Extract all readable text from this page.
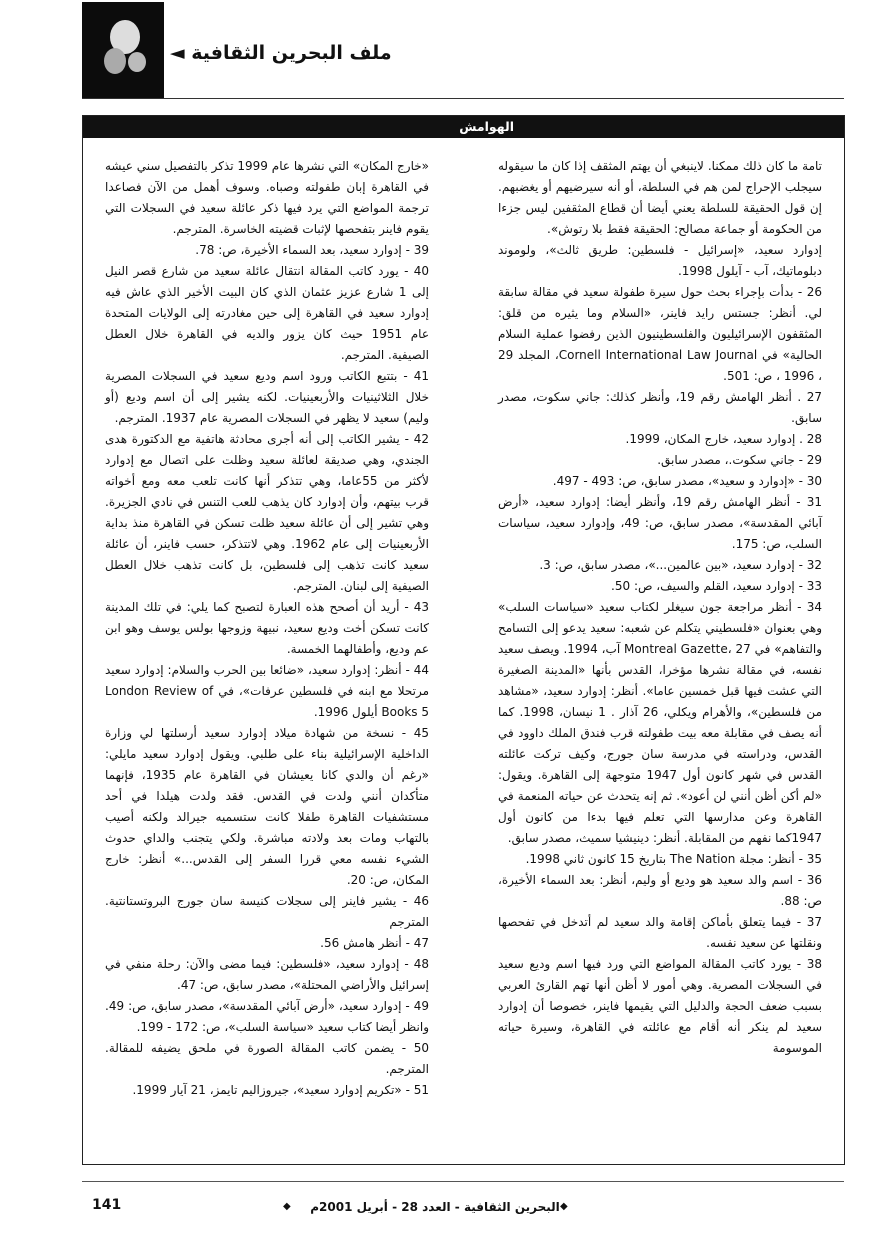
ملف البحرين الثقافية ◄
الهوامش

تامة ما كان ذلك ممكنا. لاينبغي أن يهتم المثقف إذا كان ما سيقوله سيجلب الإحراج لمن هم في السلطة، أو أنه سيرضيهم أو يغضبهم. إن قول الحقيقة للسلطة يعني أيضا أن قطاع المثقفين ليس جزءا من الحكومة أو جماعة مصالح: الحقيقة فقط بلا رتوش».

إدوارد سعيد، «إسرائيل - فلسطين: طريق ثالث»، ولوموند دبلوماتيك، آب - آيلول 1998.

26 - بدأت بإجراء بحث حول سيرة طفولة سعيد في مقالة سابقة لي. أنظر: جستس رايد فاينر، «السلام وما يثيره من قلق: المثقفون الإسرائيليون والفلسطينيون الذين رفضوا عملية السلام الحالية» في Cornell International Law Journal، المجلد 29 ، 1996 ، ص: 501.

27 . أنظر الهامش رقم 19، وأنظر كذلك: جاني سكوت، مصدر سابق.

28 . إدوارد سعيد، خارج المكان، 1999.

29 - جاني سكوت.، مصدر سابق.

30 - «إدوارد و سعيد»، مصدر سابق، ص: 493 - 497.

31 - أنظر الهامش رقم 19، وأنظر أيضا: إدوارد سعيد، «أرض آبائي المقدسة»، مصدر سابق، ص: 49، وإدوارد سعيد، سياسات السلب، ص: 175.

32 - إدوارد سعيد، «بين عالمين...»، مصدر سابق، ص: 3.

33 - إدوارد سعيد، القلم والسيف، ص: 50.

34 - أنظر مراجعة جون سيغلر لكتاب سعيد «سياسات السلب» وهي بعنوان «فلسطيني يتكلم عن شعبه: سعيد يدعو إلى التسامح والتفاهم» في Montreal Gazette، 27 آب، 1994. ويصف سعيد نفسه، في مقالة نشرها مؤخرا، القدس بأنها «المدينة الصغيرة التي عشت فيها قبل خمسين عاما». أنظر: إدوارد سعيد، «مشاهد من فلسطين»، والأهرام ويكلي، 26 آذار . 1 نيسان، 1998. كما أنه يصف في مقابلة معه بيت طفولته قرب فندق الملك داوود في القدس، ودراسته في مدرسة سان جورج، وكيف تركت عائلته القدس في شهر كانون أول 1947 متوجهة إلى القاهرة. ويقول: «لم أكن أظن أنني لن أعود». ثم إنه يتحدث عن حياته المنعمة في القاهرة وعن مدارسها التي تعلم فيها بدءا من كانون أول 1947كما نفهم من المقابلة. أنظر: دينيشيا سميث، مصدر سابق.

35 - أنظر: مجلة The Nation بتاريخ 15 كانون ثاني 1998.

36 - اسم والد سعيد هو وديع أو وليم، أنظر: بعد السماء الأخيرة، ص: 88.

37 - فيما يتعلق بأماكن إقامة والد سعيد لم أتدخل في تفحصها ونقلتها عن سعيد نفسه.

38 - يورد كاتب المقالة المواضع التي ورد فيها اسم وديع سعيد في السجلات المصرية. وهي أمور لا أظن أنها تهم القارئ العربي بسبب ضعف الحجة والدليل التي يقيمها فاينر، خصوصا أن إدوارد سعيد لم ينكر أنه أقام مع عائلته في القاهرة، وسيرة حياته الموسومة

«خارج المكان» التي نشرها عام 1999 تذكر بالتفصيل سني عيشه في القاهرة إبان طفولته وصباه. وسوف أهمل من الآن فصاعدا ترجمة المواضع التي يرد فيها ذكر عائلة سعيد في السجلات التي يقوم فاينر بتفحصها لإثبات قضيته الخاسرة. المترجم.

39 - إدوارد سعيد، بعد السماء الأخيرة، ص: 78.

40 - يورد كاتب المقالة انتقال عائلة سعيد من شارع قصر النيل إلى 1 شارع عزيز عثمان الذي كان البيت الأخير الذي عاش فيه إدوارد سعيد في القاهرة إلى حين مغادرته إلى الولايات المتحدة عام 1951 حيث كان يزور والديه في القاهرة خلال العطل الصيفية. المترجم.

41 - بتتبع الكاتب ورود اسم وديع سعيد في السجلات المصرية خلال الثلاثينيات والأربعينيات. لكنه يشير إلى أن اسم وديع (أو وليم) سعيد لا يظهر في السجلات المصرية عام 1937. المترجم.

42 - يشير الكاتب إلى أنه أجرى محادثة هاتفية مع الدكتورة هدى الجندي، وهي صديقة لعائلة سعيد وظلت على اتصال مع إدوارد لأكثر من 55عاما، وهي تتذكر أنها كانت تلعب معه ومع أخواته قرب بيتهم، وأن إدوارد كان يذهب للعب التنس في نادي الجزيرة. وهي تشير إلى أن عائلة سعيد ظلت تسكن في القاهرة منذ بداية الأربعينيات إلى عام 1962. وهي لاتتذكر، حسب فاينر، أن عائلة سعيد كانت تذهب إلى فلسطين، بل كانت تذهب خلال العطل الصيفية إلى لبنان. المترجم.

43 - أريد أن أصحح هذه العبارة لتصبح كما يلي: في تلك المدينة كانت تسكن أخت وديع سعيد، نبيهة وزوجها بولس يوسف وهو ابن عم وديع، وأطفالهما الخمسة.

44 - أنظر: إدوارد سعيد، «ضائعا بين الحرب والسلام: إدوارد سعيد مرتحلا مع ابنه في فلسطين عرفات»، في London Review of Books 5 أيلول 1996.

45 - نسخة من شهادة ميلاد إدوارد سعيد أرسلتها لي وزارة الداخلية الإسرائيلية بناء على طلبي. ويقول إدوارد سعيد مايلي: «رغم أن والدي كانا يعيشان في القاهرة عام 1935، فإنهما متأكدان أنني ولدت في القدس. فقد ولدت هيلدا في أحد مستشفيات القاهرة طفلا كانت ستسميه جيرالد ولكنه أصيب بالتهاب ومات بعد ولادته مباشرة. ولكي يتجنب والداي حدوث الشيء نفسه معي قررا السفر إلى القدس...» أنظر: خارج المكان، ص: 20.

46 - يشير فاينر إلى سجلات كنيسة سان جورج البروتستانتية. المترجم

47 - أنظر هامش 56.

48 - إدوارد سعيد، «فلسطين: فيما مضى والآن: رحلة منفي في إسرائيل والأراضي المحتلة»، مصدر سابق، ص: 47.

49 - إدوارد سعيد، «أرض آبائي المقدسة»، مصدر سابق، ص: 49. وانظر أيضا كتاب سعيد «سياسة السلب»، ص: 172 - 199.

50 - يضمن كاتب المقالة الصورة في ملحق يضيفه للمقالة. المترجم.

51 - «تكريم إدوارد سعيد»، جيروزاليم تايمز، 21 آيار 1999.

141	◆
البحرين الثقافية - العدد 28 - أبريل 2001م
◆
